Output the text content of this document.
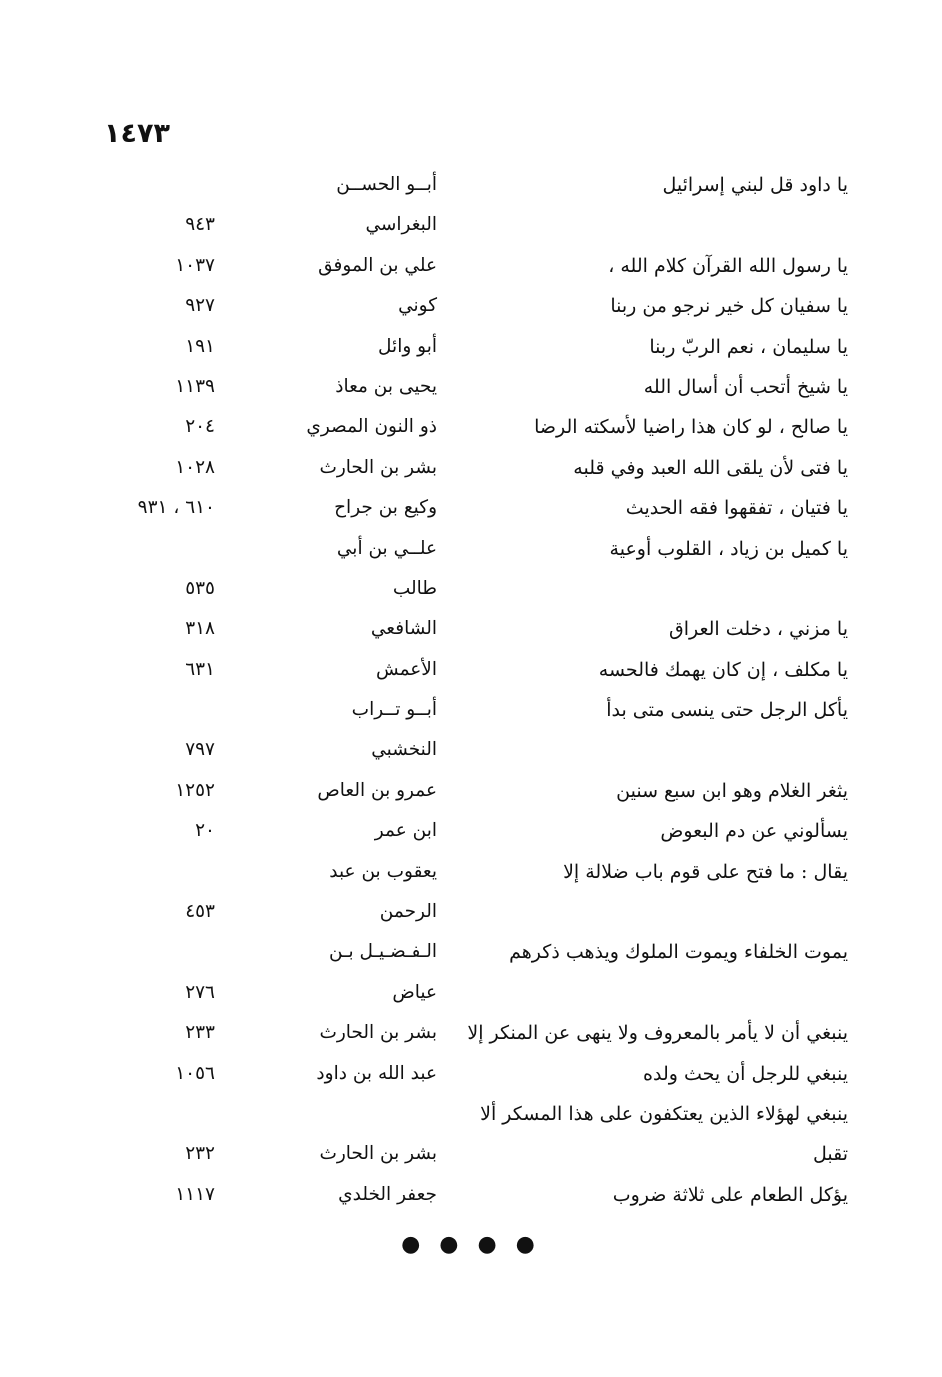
١٤٧٣
يا داود قل لبني إسرائيل
أبــو الحســن
البغراسي
٩٤٣
يا رسول الله القرآن كلام الله ،
علي بن الموفق
١٠٣٧
يا سفيان كل خير نرجو من ربنا
كوني
٩٢٧
يا سليمان ، نعم الربّ ربنا
أبو وائل
١٩١
يا شيخ أتحب أن أسال الله
يحيى بن معاذ
١١٣٩
يا صالح ، لو كان هذا راضيا لأسكته الرضا
ذو النون المصري
٢٠٤
يا فتى لأن يلقى الله العبد وفي قلبه
بشر بن الحارث
١٠٢٨
يا فتيان ، تفقهوا فقه الحديث
وكيع بن جراح
٦١٠ ، ٩٣١
يا كميل بن زياد ، القلوب أوعية
علــي بن أبي
طالب
٥٣٥
يا مزني ، دخلت العراق
الشافعي
٣١٨
يا مكلف ، إن كان يهمك فالحسه
الأعمش
٦٣١
يأكل الرجل حتى ينسى متى بدأ
أبــو تــراب
النخشبي
٧٩٧
يثغر الغلام وهو ابن سبع سنين
عمرو بن العاص
١٢٥٢
يسألوني عن دم البعوض
ابن عمر
٢٠
يقال : ما فتح على قوم باب ضلالة إلا
يعقوب بن عبد
الرحمن
٤٥٣
يموت الخلفاء ويموت الملوك ويذهب ذكرهم
الـفـضـيـل بـن
عياض
٢٧٦
ينبغي أن لا يأمر بالمعروف ولا ينهى عن المنكر إلا
بشر بن الحارث
٢٣٣
ينبغي للرجل أن يحث ولده
عبد الله بن داود
١٠٥٦
ينبغي لهؤلاء الذين يعتكفون على هذا المسكر ألا
تقبل
بشر بن الحارث
٢٣٢
يؤكل الطعام على ثلاثة ضروب
جعفر الخلدي
١١١٧
● ● ● ●
